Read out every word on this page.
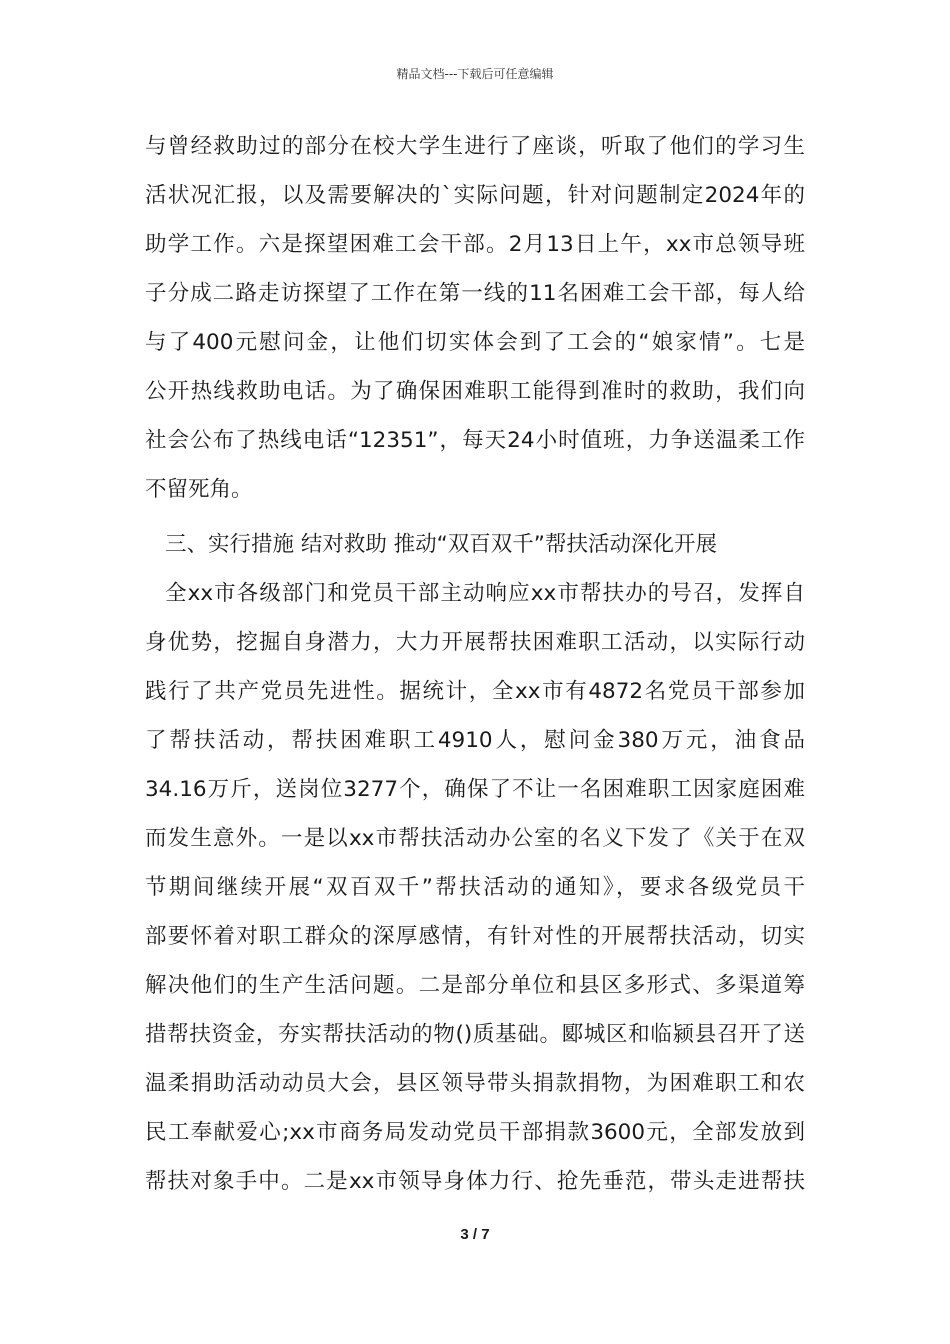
精品文档---下载后可任意编辑
与曾经救助过的部分在校大学生进行了座谈，听取了他们的学习生
活状况汇报，以及需要解决的`实际问题，针对问题制定2024年的
助学工作。六是探望困难工会干部。2月13日上午，xx市总领导班
子分成二路走访探望了工作在第一线的11名困难工会干部，每人给
与了400元慰问金，让他们切实体会到了工会的“娘家情”。七是
公开热线救助电话。为了确保困难职工能得到准时的救助，我们向
社会公布了热线电话“12351”，每天24小时值班，力争送温柔工作
不留死角。
三、实行措施 结对救助 推动“双百双千”帮扶活动深化开展
全xx市各级部门和党员干部主动响应xx市帮扶办的号召，发挥自
身优势，挖掘自身潜力，大力开展帮扶困难职工活动，以实际行动
践行了共产党员先进性。据统计，全xx市有4872名党员干部参加
了帮扶活动，帮扶困难职工4910人，慰问金380万元，油食品
34.16万斤，送岗位3277个，确保了不让一名困难职工因家庭困难
而发生意外。一是以xx市帮扶活动办公室的名义下发了《关于在双
节期间继续开展“双百双千”帮扶活动的通知》，要求各级党员干
部要怀着对职工群众的深厚感情，有针对性的开展帮扶活动，切实
解决他们的生产生活问题。二是部分单位和县区多形式、多渠道筹
措帮扶资金，夯实帮扶活动的物()质基础。郾城区和临颍县召开了送
温柔捐助活动动员大会，县区领导带头捐款捐物，为困难职工和农
民工奉献爱心;xx市商务局发动党员干部捐款3600元，全部发放到
帮扶对象手中。二是xx市领导身体力行、抢先垂范，带头走进帮扶
3 / 7
